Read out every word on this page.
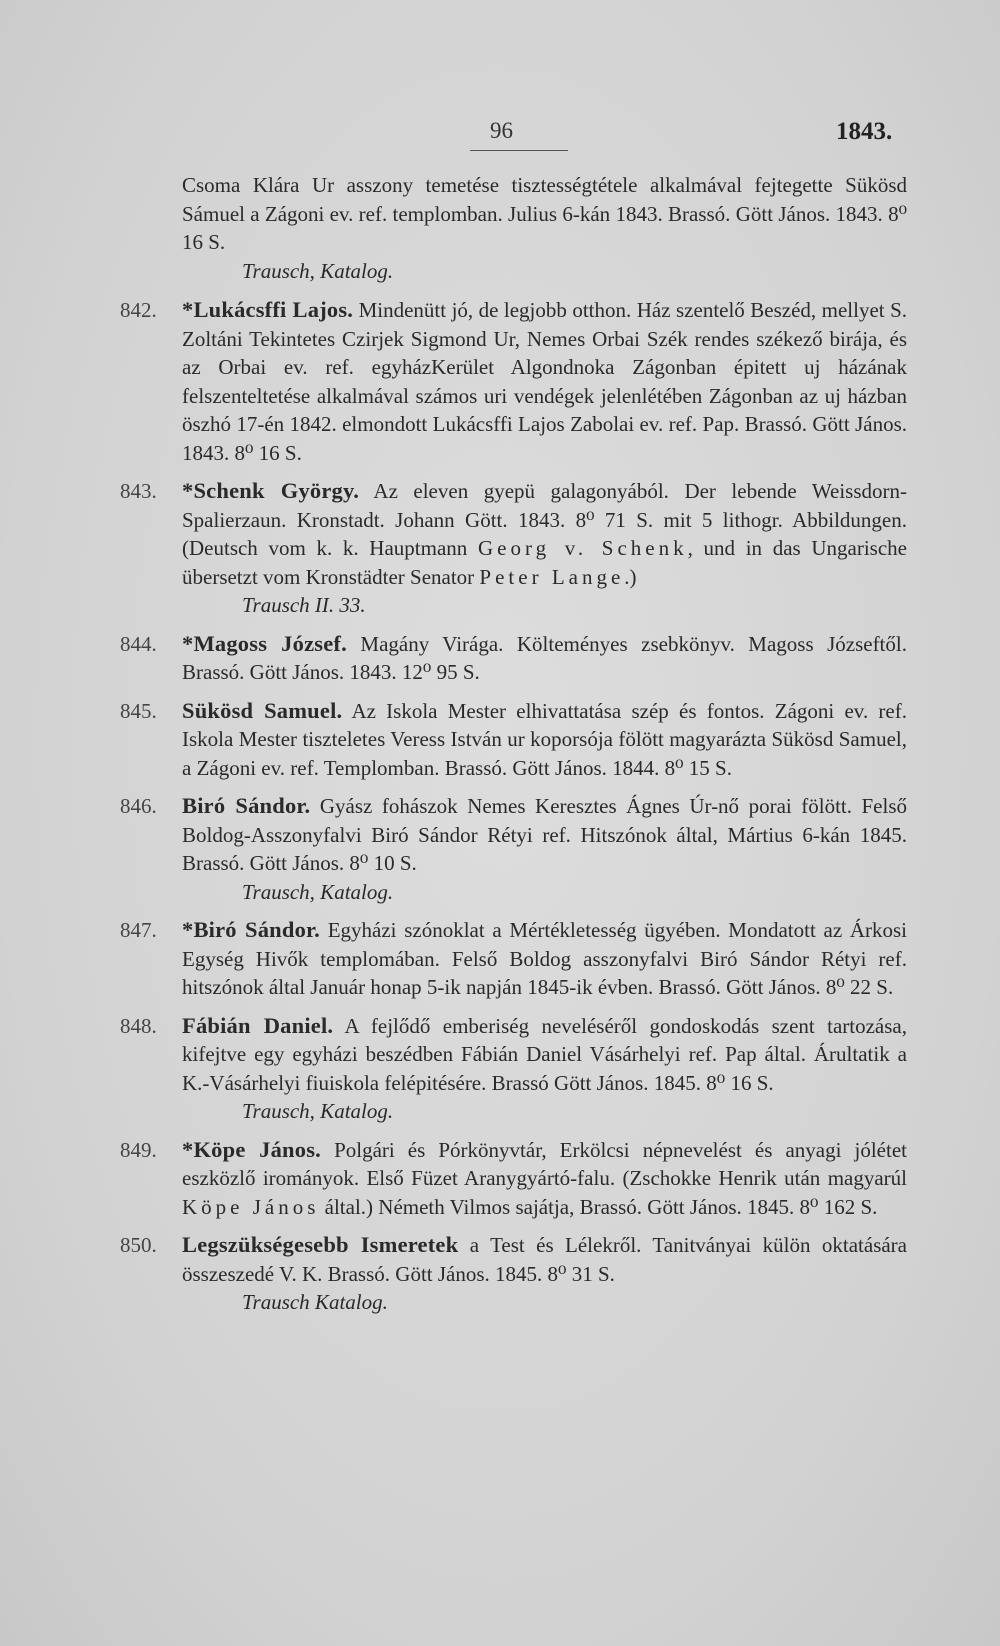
96	1843.

Csoma Klára Ur asszony temetése tisztességtétele alkalmával fejtegette Sükösd Sámuel a Zágoni ev. ref. templomban. Julius 6-kán 1843. Brassó. Gött János. 1843. 8⁰ 16 S.

Trausch, Katalog.
842. *Lukácsffi Lajos. Mindenütt jó, de legjobb otthon. Ház szentelő Beszéd, mellyet S. Zoltáni Tekintetes Czirjek Sigmond Ur, Nemes Orbai Szék rendes székező birája, és az Orbai ev. ref. egyházKerület Algondnoka Zágonban épitett uj házának felszenteltetése alkalmával számos uri vendégek jelenlétében Zágonban az uj házban öszhó 17-én 1842. elmondott Lukácsffi Lajos Zabolai ev. ref. Pap. Brassó. Gött János. 1843. 8⁰ 16 S.

843. *Schenk György. Az eleven gyepü galagonyából. Der lebende Weissdorn-Spalierzaun. Kronstadt. Johann Gött. 1843. 8⁰ 71 S. mit 5 lithogr. Abbildungen. (Deutsch vom k. k. Hauptmann Georg v. Schenk, und in das Ungarische übersetzt vom Kronstädter Senator Peter Lange.)

Trausch II. 33.
844. *Magoss József. Magány Virága. Költeményes zsebkönyv. Magoss Józseftől. Brassó. Gött János. 1843. 12⁰ 95 S.

845. Sükösd Samuel. Az Iskola Mester elhivattatása szép és fontos. Zágoni ev. ref. Iskola Mester tiszteletes Veress István ur koporsója fölött magyarázta Sükösd Samuel, a Zágoni ev. ref. Templomban. Brassó. Gött János. 1844. 8⁰ 15 S.

846. Biró Sándor. Gyász fohászok Nemes Keresztes Ágnes Úr-nő porai fölött. Felső Boldog-Asszonyfalvi Biró Sándor Rétyi ref. Hitszónok által, Mártius 6-kán 1845. Brassó. Gött János. 8⁰ 10 S.

Trausch, Katalog.
847. *Biró Sándor. Egyházi szónoklat a Mértékletesség ügyében. Mondatott az Árkosi Egység Hivők templomában. Felső Boldog asszonyfalvi Biró Sándor Rétyi ref. hitszónok által Január honap 5-ik napján 1845-ik évben. Brassó. Gött János. 8⁰ 22 S.

848. Fábián Daniel. A fejlődő emberiség neveléséről gondoskodás szent tartozása, kifejtve egy egyházi beszédben Fábián Daniel Vásárhelyi ref. Pap által. Árultatik a K.-Vásárhelyi fiuiskola felépitésére. Brassó Gött János. 1845. 8⁰ 16 S.

Trausch, Katalog.
849. *Köpe János. Polgári és Pórkönyvtár, Erkölcsi népnevelést és anyagi jólétet eszközlő irományok. Első Füzet Aranygyártó-falu. (Zschokke Henrik után magyarúl Köpe János által.) Németh Vilmos sajátja, Brassó. Gött János. 1845. 8⁰ 162 S.

850. Legszükségesebb Ismeretek a Test és Lélekről. Tanitványai külön oktatására összeszedé V. K. Brassó. Gött János. 1845. 8⁰ 31 S.

Trausch Katalog.
